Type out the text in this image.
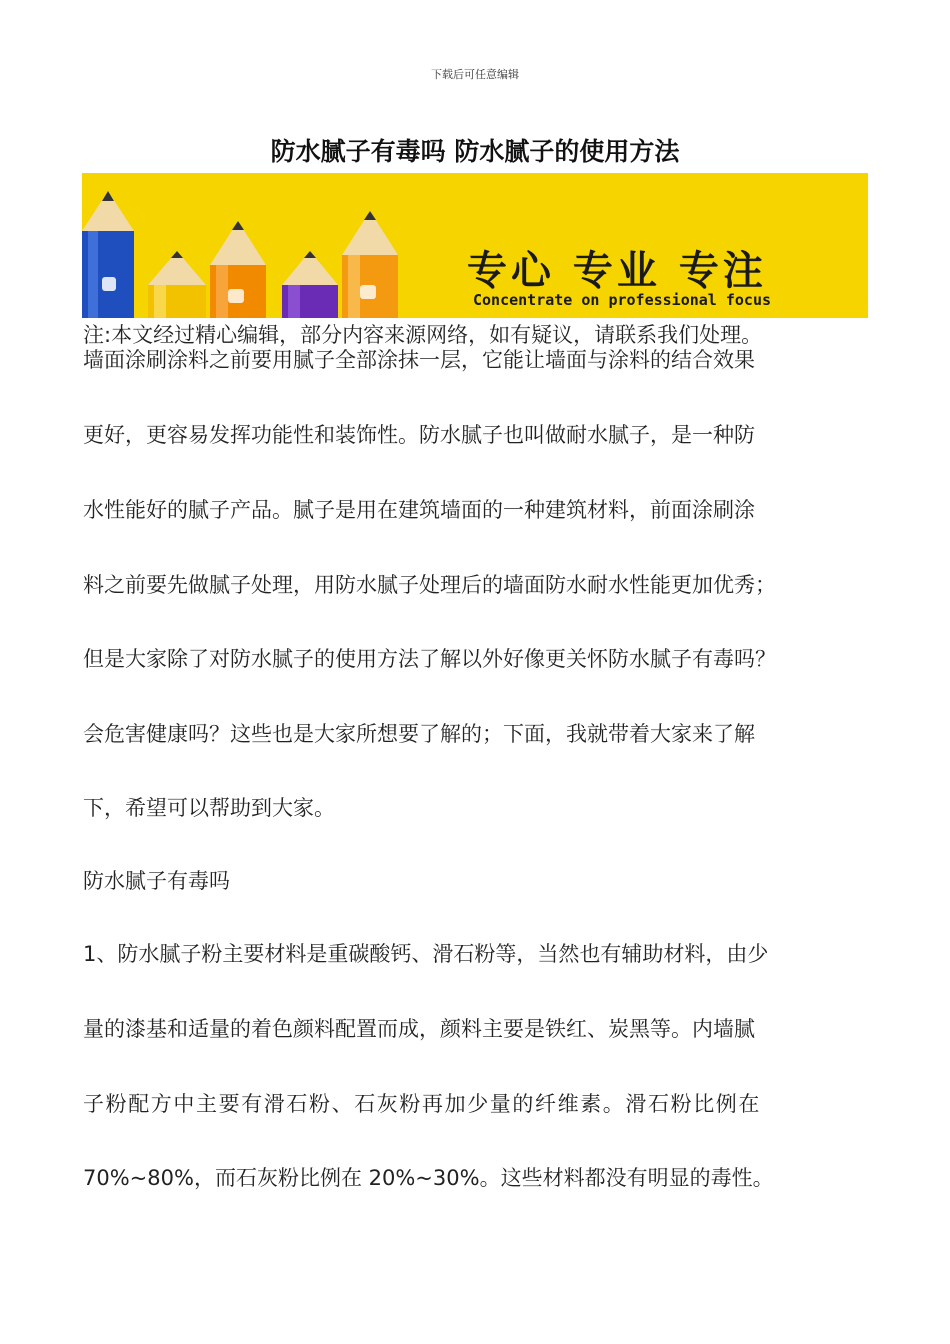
下载后可任意编辑
防水腻子有毒吗 防水腻子的使用方法
专心 专业 专注
Concentrate on professional focus
注:本文经过精心编辑，部分内容来源网络，如有疑议，请联系我们处理。
墙面涂刷涂料之前要用腻子全部涂抹一层，它能让墙面与涂料的结合效果
更好，更容易发挥功能性和装饰性。防水腻子也叫做耐水腻子，是一种防
水性能好的腻子产品。腻子是用在建筑墙面的一种建筑材料，前面涂刷涂
料之前要先做腻子处理，用防水腻子处理后的墙面防水耐水性能更加优秀；
但是大家除了对防水腻子的使用方法了解以外好像更关怀防水腻子有毒吗？
会危害健康吗？这些也是大家所想要了解的；下面，我就带着大家来了解
下，希望可以帮助到大家。
防水腻子有毒吗
1、防水腻子粉主要材料是重碳酸钙、滑石粉等，当然也有辅助材料，由少
量的漆基和适量的着色颜料配置而成，颜料主要是铁红、炭黑等。内墙腻
子粉配方中主要有滑石粉、石灰粉再加少量的纤维素。滑石粉比例在
70%~80%，而石灰粉比例在 20%~30%。这些材料都没有明显的毒性。
